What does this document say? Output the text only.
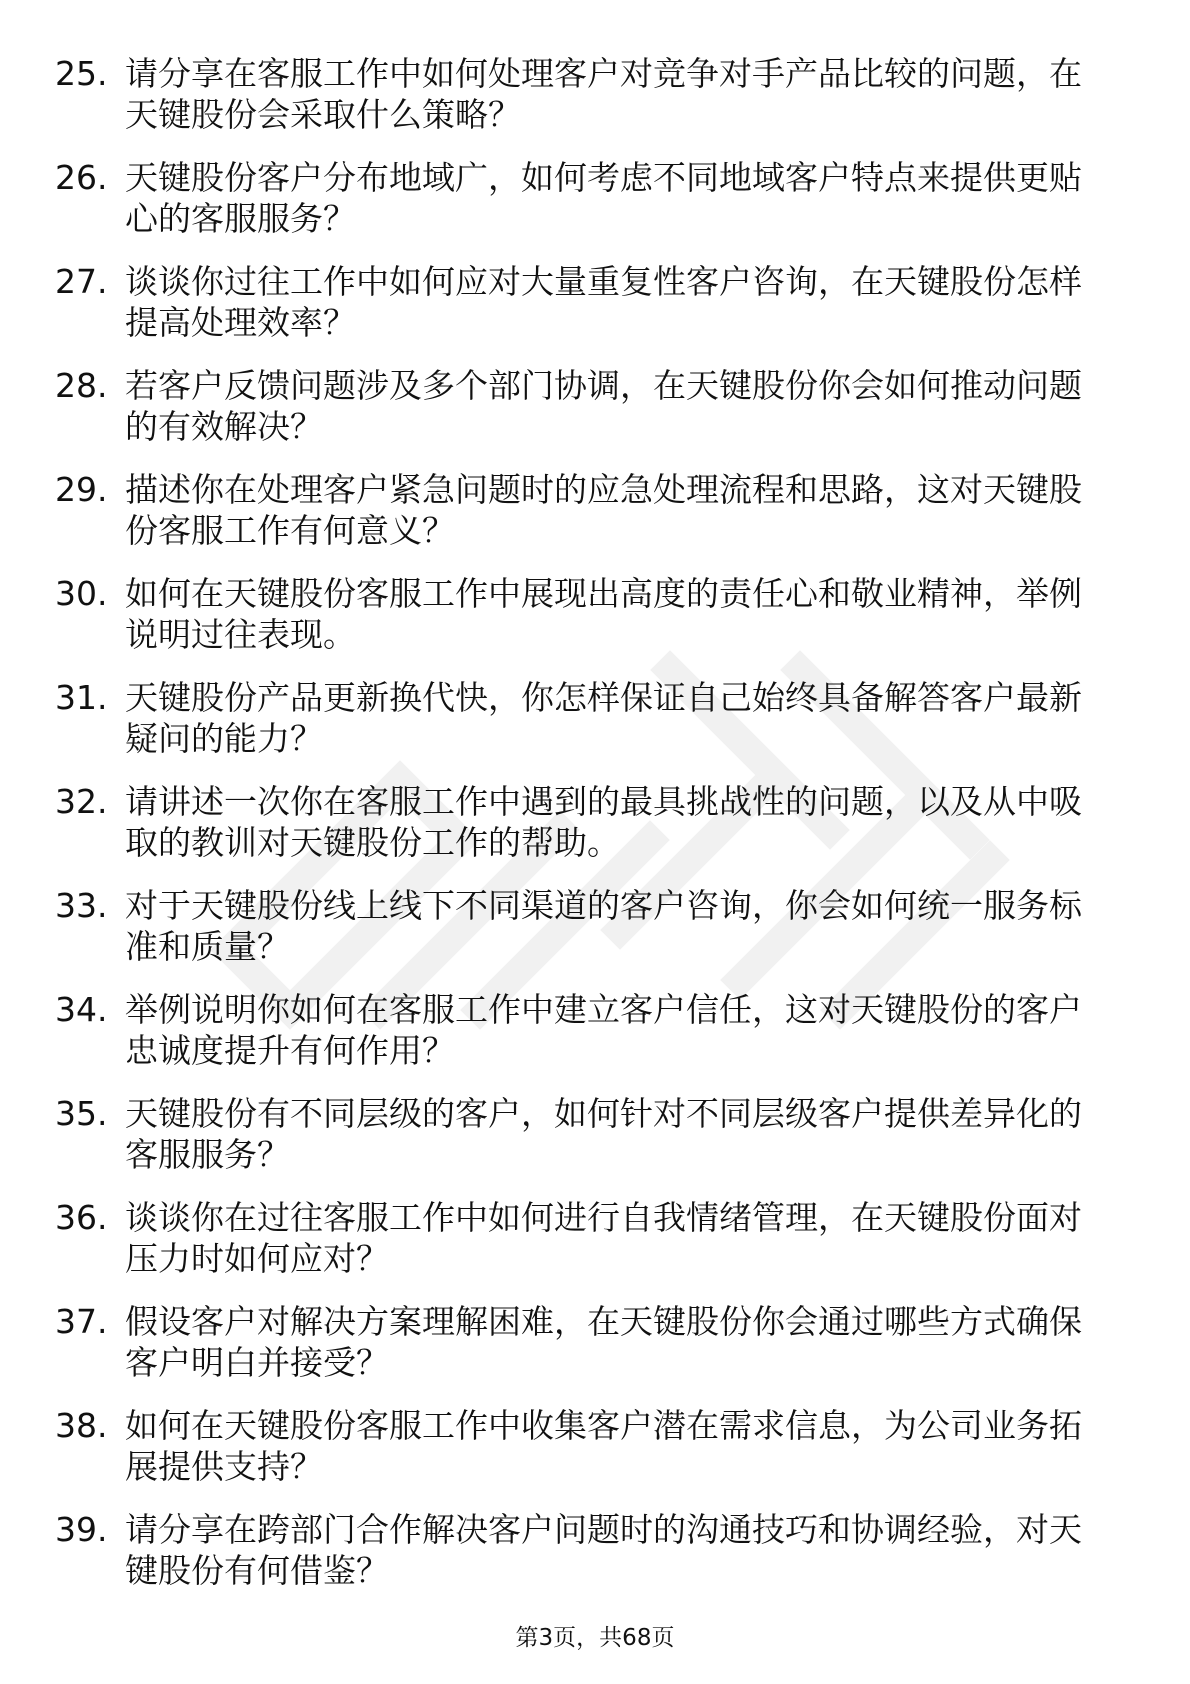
25. 请分享在客服工作中如何处理客户对竞争对手产品比较的问题，在天键股份会采取什么策略？
26. 天键股份客户分布地域广，如何考虑不同地域客户特点来提供更贴心的客服服务？
27. 谈谈你过往工作中如何应对大量重复性客户咨询，在天键股份怎样提高处理效率？
28. 若客户反馈问题涉及多个部门协调，在天键股份你会如何推动问题的有效解决？
29. 描述你在处理客户紧急问题时的应急处理流程和思路，这对天键股份客服工作有何意义？
30. 如何在天键股份客服工作中展现出高度的责任心和敬业精神，举例说明过往表现。
31. 天键股份产品更新换代快，你怎样保证自己始终具备解答客户最新疑问的能力？
32. 请讲述一次你在客服工作中遇到的最具挑战性的问题，以及从中吸取的教训对天键股份工作的帮助。
33. 对于天键股份线上线下不同渠道的客户咨询，你会如何统一服务标准和质量？
34. 举例说明你如何在客服工作中建立客户信任，这对天键股份的客户忠诚度提升有何作用？
35. 天键股份有不同层级的客户，如何针对不同层级客户提供差异化的客服服务？
36. 谈谈你在过往客服工作中如何进行自我情绪管理，在天键股份面对压力时如何应对？
37. 假设客户对解决方案理解困难，在天键股份你会通过哪些方式确保客户明白并接受？
38. 如何在天键股份客服工作中收集客户潜在需求信息，为公司业务拓展提供支持？
39. 请分享在跨部门合作解决客户问题时的沟通技巧和协调经验，对天键股份有何借鉴？
第3页，共68页
